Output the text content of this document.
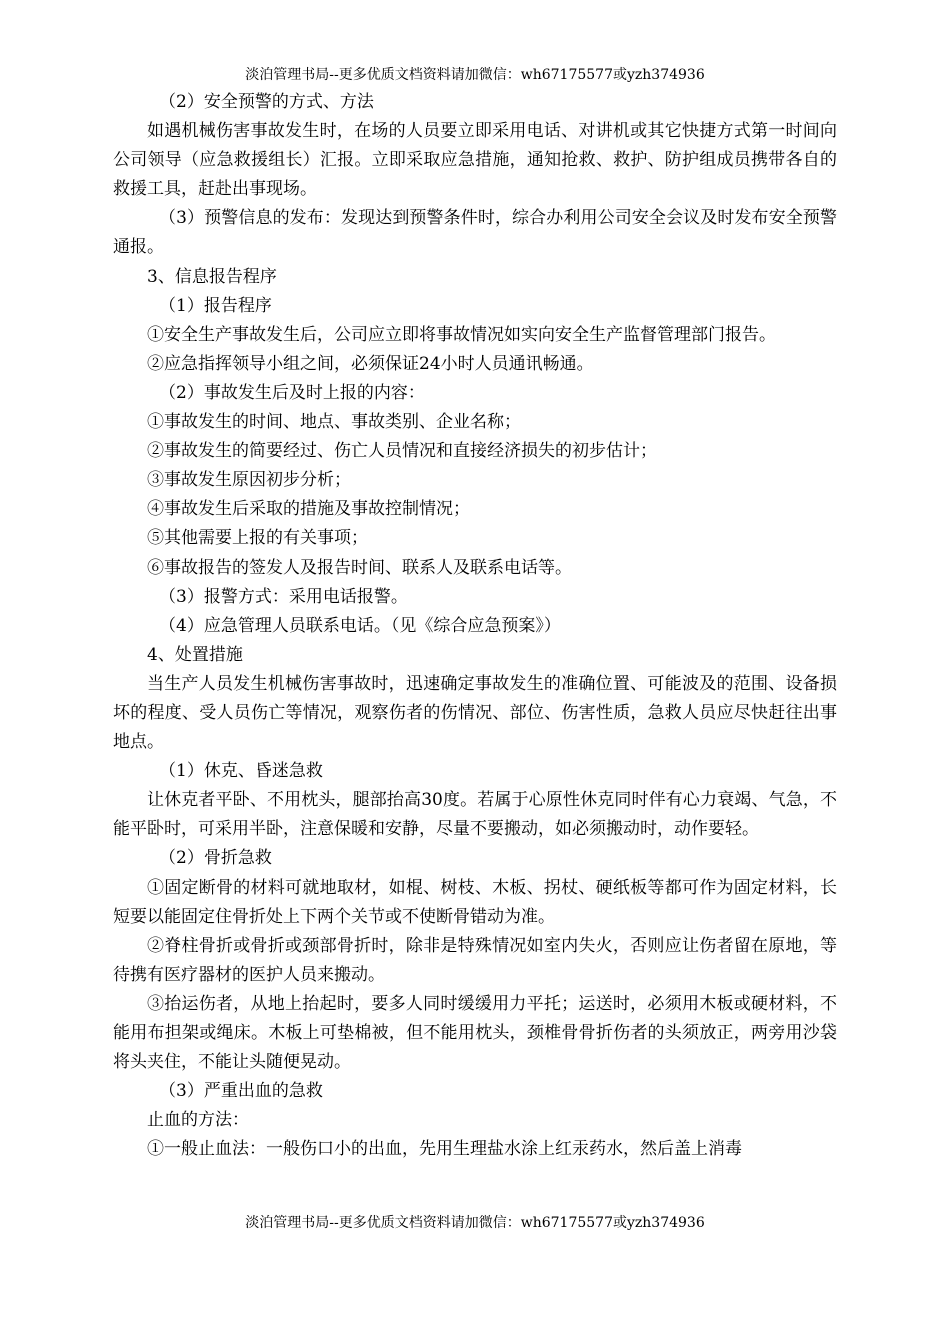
淡泊管理书局--更多优质文档资料请加微信：wh67175577或yzh374936

（2）安全预警的方式、方法

如遇机械伤害事故发生时，在场的人员要立即采用电话、对讲机或其它快捷方式第一时间向公司领导（应急救援组长）汇报。立即采取应急措施，通知抢救、救护、防护组成员携带各自的救援工具，赶赴出事现场。

（3）预警信息的发布：发现达到预警条件时，综合办利用公司安全会议及时发布安全预警通报。

3、信息报告程序

（1）报告程序

①安全生产事故发生后，公司应立即将事故情况如实向安全生产监督管理部门报告。

②应急指挥领导小组之间，必须保证24小时人员通讯畅通。

（2）事故发生后及时上报的内容：

①事故发生的时间、地点、事故类别、企业名称；

②事故发生的简要经过、伤亡人员情况和直接经济损失的初步估计；

③事故发生原因初步分析；

④事故发生后采取的措施及事故控制情况；

⑤其他需要上报的有关事项；

⑥事故报告的签发人及报告时间、联系人及联系电话等。

（3）报警方式：采用电话报警。

（4）应急管理人员联系电话。（见《综合应急预案》）

4、处置措施

当生产人员发生机械伤害事故时，迅速确定事故发生的准确位置、可能波及的范围、设备损坏的程度、受人员伤亡等情况，观察伤者的伤情况、部位、伤害性质，急救人员应尽快赶往出事地点。

（1）休克、昏迷急救

让休克者平卧、不用枕头，腿部抬高30度。若属于心原性休克同时伴有心力衰竭、气急，不能平卧时，可采用半卧，注意保暖和安静，尽量不要搬动，如必须搬动时，动作要轻。

（2）骨折急救

①固定断骨的材料可就地取材，如棍、树枝、木板、拐杖、硬纸板等都可作为固定材料，长短要以能固定住骨折处上下两个关节或不使断骨错动为准。

②脊柱骨折或骨折或颈部骨折时，除非是特殊情况如室内失火，否则应让伤者留在原地，等待携有医疗器材的医护人员来搬动。

③抬运伤者，从地上抬起时，要多人同时缓缓用力平托；运送时，必须用木板或硬材料，不能用布担架或绳床。木板上可垫棉被，但不能用枕头，颈椎骨骨折伤者的头须放正，两旁用沙袋将头夹住，不能让头随便晃动。

（3）严重出血的急救

止血的方法：

①一般止血法：一般伤口小的出血，先用生理盐水涂上红汞药水，然后盖上消毒

淡泊管理书局--更多优质文档资料请加微信：wh67175577或yzh374936
